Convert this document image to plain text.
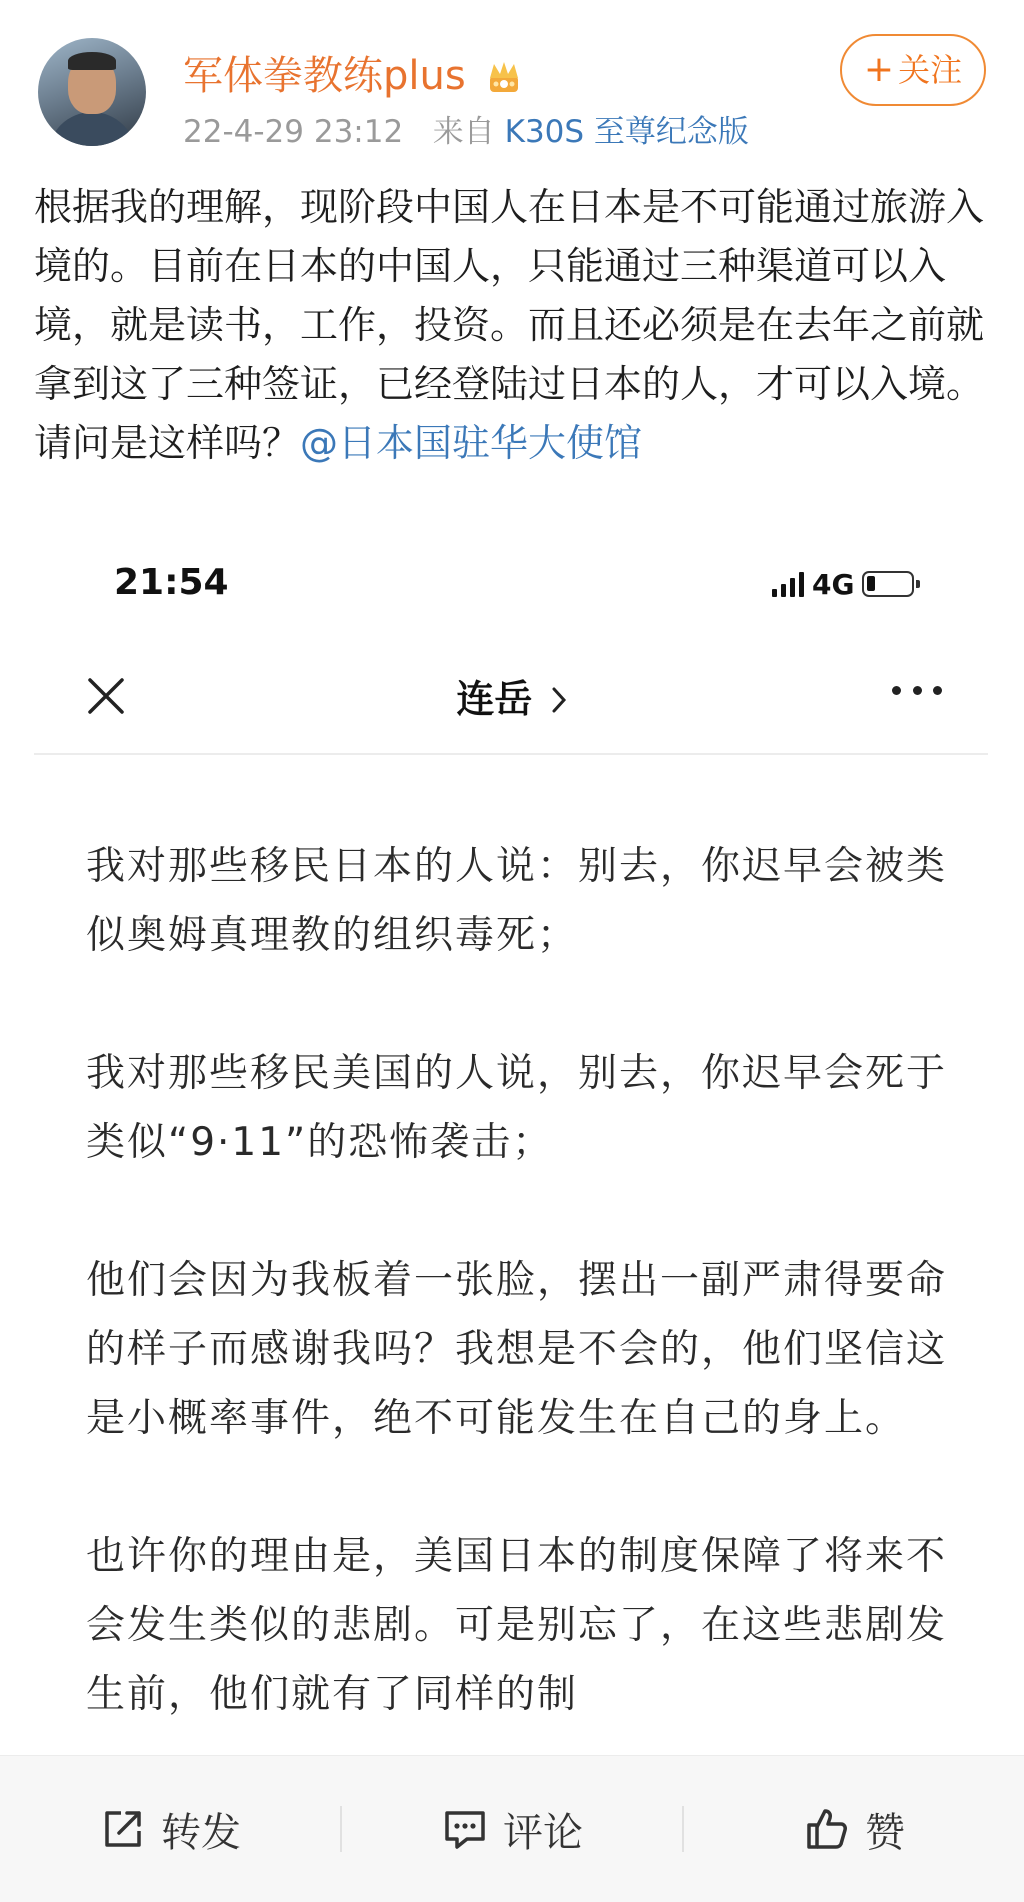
军体拳教练plus
22-4-29 23:12 来自 K30S 至尊纪念版
+ 关注
根据我的理解，现阶段中国人在日本是不可能通过旅游入境的。目前在日本的中国人，只能通过三种渠道可以入境，就是读书，工作，投资。而且还必须是在去年之前就拿到这了三种签证，已经登陆过日本的人，才可以入境。请问是这样吗？@日本国驻华大使馆
21:54	4G
连岳

我对那些移民日本的人说：别去，你迟早会被类似奥姆真理教的组织毒死；

我对那些移民美国的人说，别去，你迟早会死于类似“9·11”的恐怖袭击；

他们会因为我板着一张脸，摆出一副严肃得要命的样子而感谢我吗？我想是不会的，他们坚信这是小概率事件，绝不可能发生在自己的身上。

也许你的理由是，美国日本的制度保障了将来不会发生类似的悲剧。可是别忘了，在这些悲剧发生前，他们就有了同样的制

转发	评论	赞
